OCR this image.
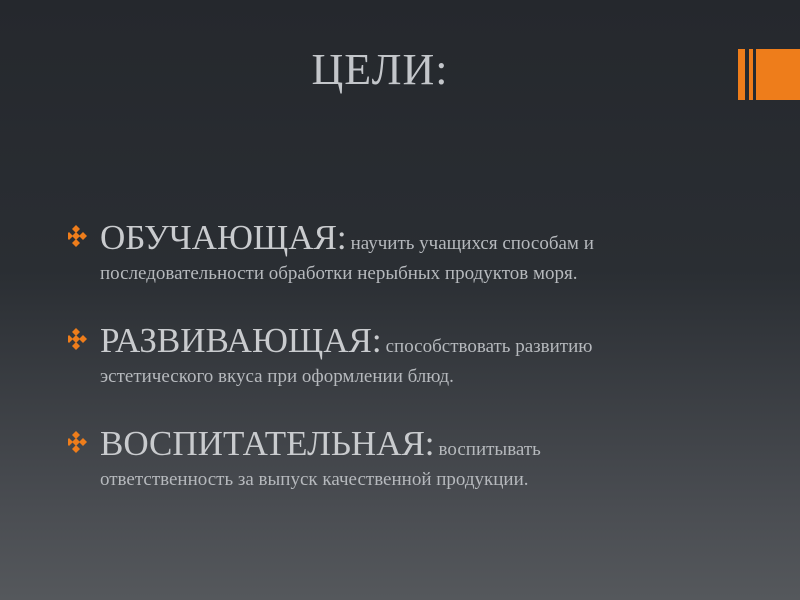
ЦЕЛИ:
ОБУЧАЮЩАЯ: научить учащихся способам и
последовательности обработки нерыбных продуктов моря.
РАЗВИВАЮЩАЯ: способствовать развитию
эстетического вкуса при оформлении блюд.
ВОСПИТАТЕЛЬНАЯ: воспитывать
ответственность за выпуск качественной продукции.
